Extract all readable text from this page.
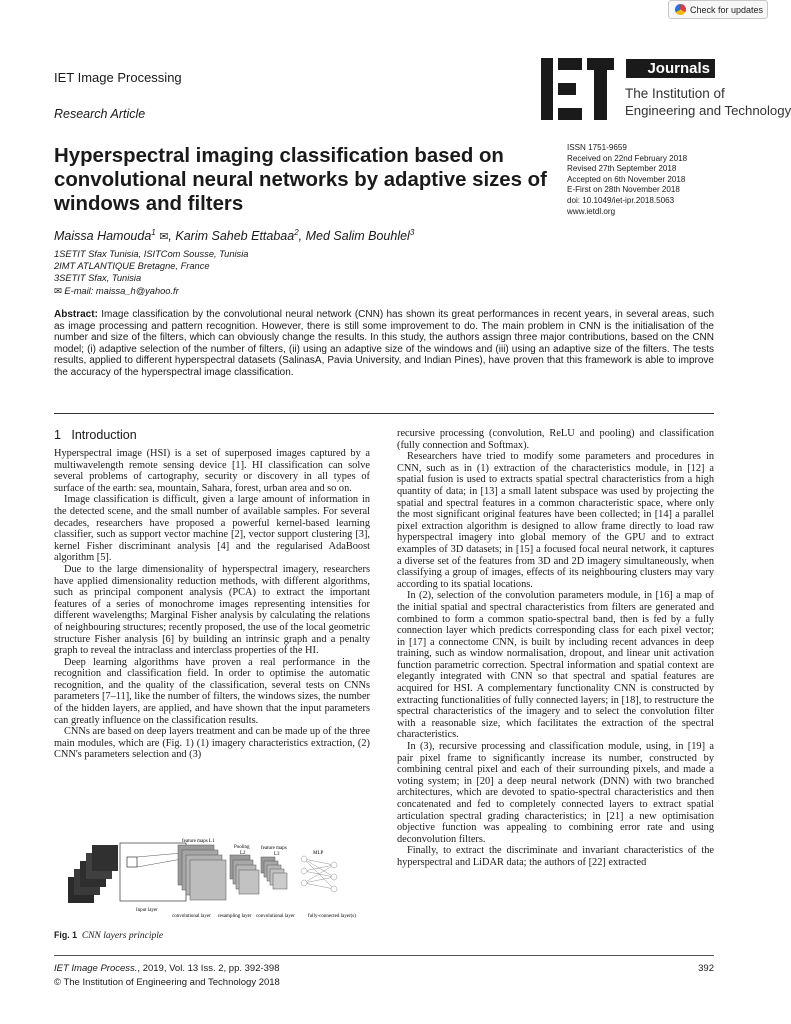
Check for updates
IET Image Processing
Research Article
Journals
The Institution of
Engineering and Technology
Hyperspectral imaging classification based on convolutional neural networks by adaptive sizes of windows and filters
ISSN 1751-9659
Received on 22nd February 2018
Revised 27th September 2018
Accepted on 6th November 2018
E-First on 28th November 2018
doi: 10.1049/iet-ipr.2018.5063
www.ietdl.org
Maissa Hamouda$^1$ ✉, Karim Saheb Ettabaa$^2$, Med Salim Bouhlel$^3$
1SETIT Sfax Tunisia, ISITCom Sousse, Tunisia
2IMT ATLANTIQUE Bretagne, France
3SETIT Sfax, Tunisia
✉ E-mail: maissa_h@yahoo.fr
Abstract: Image classification by the convolutional neural network (CNN) has shown its great performances in recent years, in several areas, such as image processing and pattern recognition. However, there is still some improvement to do. The main problem in CNN is the initialisation of the number and size of the filters, which can obviously change the results. In this study, the authors assign three major contributions, based on the CNN model; (i) adaptive selection of the number of filters, (ii) using an adaptive size of the windows and (iii) using an adaptive size of the filters. The tests results, applied to different hyperspectral datasets (SalinasA, Pavia University, and Indian Pines), have proven that this framework is able to improve the accuracy of the hyperspectral image classification.
1 Introduction

Hyperspectral image (HSI) is a set of superposed images captured by a multiwavelength remote sensing device [1]. HI classification can solve several problems of cartography, security or discovery in all types of surface of the earth: sea, mountain, Sahara, forest, urban area and so on.

Image classification is difficult, given a large amount of information in the detected scene, and the small number of available samples. For several decades, researchers have proposed a powerful kernel-based learning classifier, such as support vector machine [2], vector support clustering [3], kernel Fisher discriminant analysis [4] and the regularised AdaBoost algorithm [5].

Due to the large dimensionality of hyperspectral imagery, researchers have applied dimensionality reduction methods, with different algorithms, such as principal component analysis (PCA) to extract the important features of a series of monochrome images representing intensities for different wavelengths; Marginal Fisher analysis by calculating the relations of neighbouring structures; recently proposed, the use of the local geometric structure Fisher analysis [6] by building an intrinsic graph and a penalty graph to reveal the intraclass and interclass properties of the HI.

Deep learning algorithms have proven a real performance in the recognition and classification field. In order to optimise the automatic recognition, and the quality of the classification, several tests on CNNs parameters [7–11], like the number of filters, the windows sizes, the number of the hidden layers, are applied, and have shown that the input parameters can greatly influence on the classification results.

CNNs are based on deep layers treatment and can be made up of the three main modules, which are (Fig. 1) (1) imagery characteristics extraction, (2) CNN's parameters selection and (3)

feature maps L1
Pooling
L2
feature maps
L3	MLP
Input layer
convolutional layer resampling layer convolutional layer	fully-connected layer(s)
Fig. 1 CNN layers principle

recursive processing (convolution, ReLU and pooling) and classification (fully connection and Softmax).

Researchers have tried to modify some parameters and procedures in CNN, such as in (1) extraction of the characteristics module, in [12] a spatial fusion is used to extracts spatial spectral characteristics from a high quantity of data; in [13] a small latent subspace was used by projecting the spatial and spectral features in a common characteristic space, where only the most significant original features have been collected; in [14] a parallel pixel extraction algorithm is designed to allow frame directly to load raw hyperspectral imagery into global memory of the GPU and to extract examples of 3D datasets; in [15] a focused focal neural network, it captures a diverse set of the features from 3D and 2D imagery simultaneously, when classifying a group of images, effects of its neighbouring clusters may vary according to its spatial locations.

In (2), selection of the convolution parameters module, in [16] a map of the initial spatial and spectral characteristics from filters are generated and combined to form a common spatio-spectral band, then is fed by a fully connection layer which predicts corresponding class for each pixel vector; in [17] a connectome CNN, is built by including recent advances in deep training, such as window normalisation, dropout, and linear unit activation function parametric correction. Spectral information and spatial context are elegantly integrated with CNN so that spectral and spatial features are acquired for HSI. A complementary functionality CNN is constructed by extracting functionalities of fully connected layers; in [18], to restructure the spectral characteristics of the imagery and to select the convolution filter with a reasonable size, which facilitates the extraction of the spectral characteristics.

In (3), recursive processing and classification module, using, in [19] a pair pixel frame to significantly increase its number, constructed by combining central pixel and each of their surrounding pixels, and made a voting system; in [20] a deep neural network (DNN) with two branched architectures, which are devoted to spatio-spectral characteristics and then concatenated and fed to completely connected layers to extract spatial articulation spectral grading characteristics; in [21] a new optimisation objective function was appealing to combining error rate and using deconvolution filters.

Finally, to extract the discriminate and invariant characteristics of the hyperspectral and LiDAR data; the authors of [22] extracted

IET Image Process., 2019, Vol. 13 Iss. 2, pp. 392-398
© The Institution of Engineering and Technology 2018
392
